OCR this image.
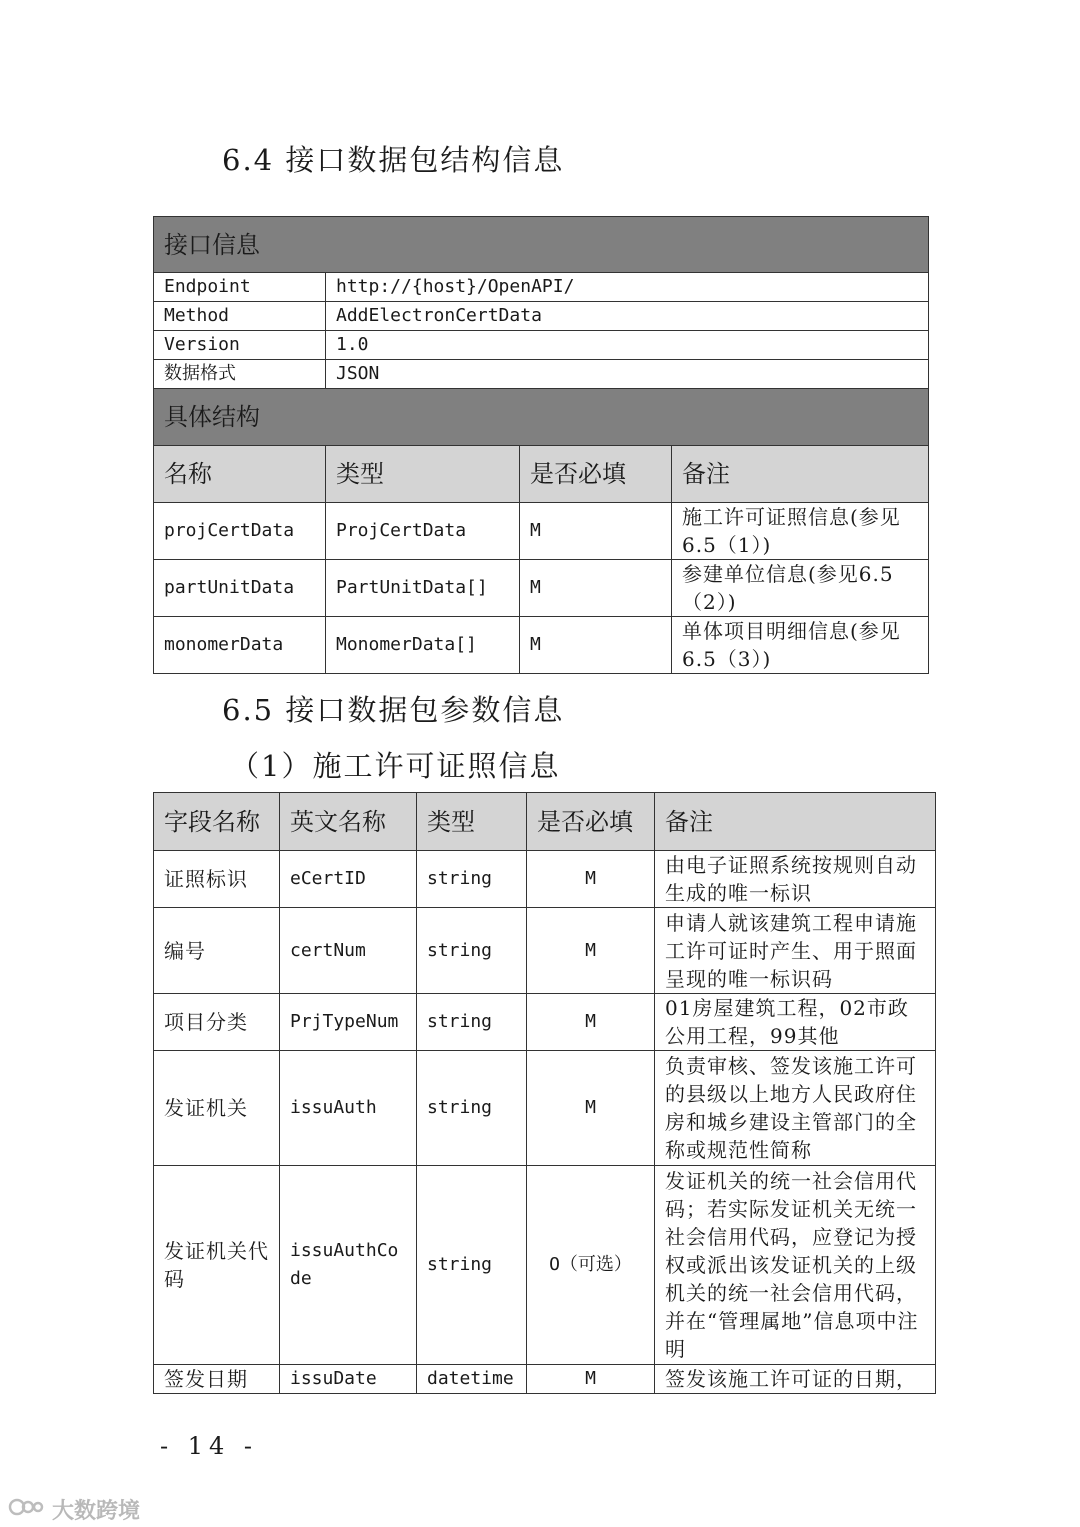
6.4 接口数据包结构信息
接口信息			
Endpoint	http://{host}/OpenAPI/		
Method	AddElectronCertData		
Version	1.0		
数据格式	JSON		
具体结构			
名称	类型	是否必填	备注
projCertData	ProjCertData	M	施工许可证照信息(参见6.5（1）)
partUnitData	PartUnitData[]	M	参建单位信息(参见6.5（2）)
monomerData	MonomerData[]	M	单体项目明细信息(参见6.5（3）)
6.5 接口数据包参数信息
（1）施工许可证照信息
字段名称	英文名称	类型	是否必填	备注
证照标识	eCertID	string	M	由电子证照系统按规则自动生成的唯一标识
编号	certNum	string	M	申请人就该建筑工程申请施工许可证时产生、用于照面呈现的唯一标识码
项目分类	PrjTypeNum	string	M	01房屋建筑工程，02市政公用工程，99其他
发证机关	issuAuth	string	M	负责审核、签发该施工许可的县级以上地方人民政府住房和城乡建设主管部门的全称或规范性简称
发证机关代码	issuAuthCode	string	O（可选）	发证机关的统一社会信用代码；若实际发证机关无统一社会信用代码，应登记为授权或派出该发证机关的上级机关的统一社会信用代码，并在“管理属地”信息项中注明
签发日期	issuDate	datetime	M	签发该施工许可证的日期，
- 14 -
大数跨境
